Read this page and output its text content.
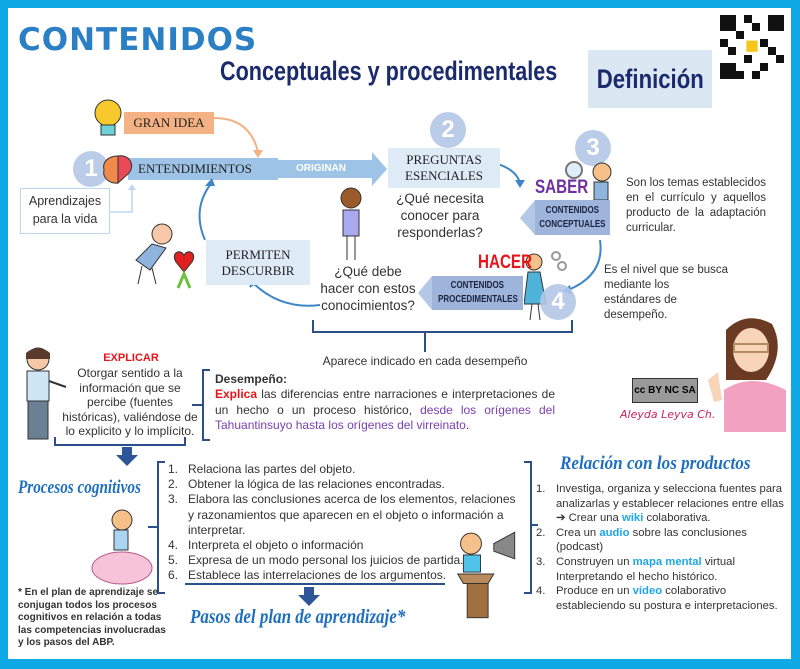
CONTENIDOS
Conceptuales y procedimentales Definición
GRAN IDEA
1	ENTENDIMIENTOS	ORIGINAN
Aprendizajes para la vida
2
PREGUNTAS
ESENCIALES
¿Qué necesita conocer para responderlas?
3
SABER
CONTENIDOS
CONCEPTUALES
Son los temas establecidos en el currículo y aquellos producto de la adaptación curricular.
HACER
CONTENIDOS
PROCEDIMENTALES	4
Es el nivel que se busca mediante los estándares de desempeño.
PERMITEN
DESCURBIR	¿Qué debe hacer con estos conocimientos?
Aparece indicado en cada desempeño
EXPLICAR
Otorgar sentido a la información que se percibe (fuentes históricas), valiéndose de lo explicito y lo implícito.
Desempeño:
Explica las diferencias entre narraciones e interpretaciones de un hecho o un proceso histórico, desde los orígenes del Tahuantinsuyo hasta los orígenes del virreinato.
cc BY NC SA
Aleyda Leyva Ch.
Procesos cognitivos
* En el plan de aprendizaje se conjugan todos los procesos cognitivos en relación a todas las competencias involucradas y los pasos del ABP.
1. Relaciona las partes del objeto.
2. Obtener la lógica de las relaciones encontradas.
3. Elabora las conclusiones acerca de los elementos, relaciones y razonamientos que aparecen en el objeto o información a interpretar.
4. Interpreta el objeto o información
5. Expresa de un modo personal los juicios de partida.
6. Establece las interrelaciones de los argumentos.
Pasos del plan de aprendizaje*
Relación con los productos
1. Investiga, organiza y selecciona fuentes para analizarlas y establecer relaciones entre ellas ➔ Crear una wiki colaborativa.
2. Crea un audio sobre las conclusiones (podcast)
3. Construyen un mapa mental virtual Interpretando el hecho histórico.
4. Produce en un vídeo colaborativo estableciendo su postura e interpretaciones.
